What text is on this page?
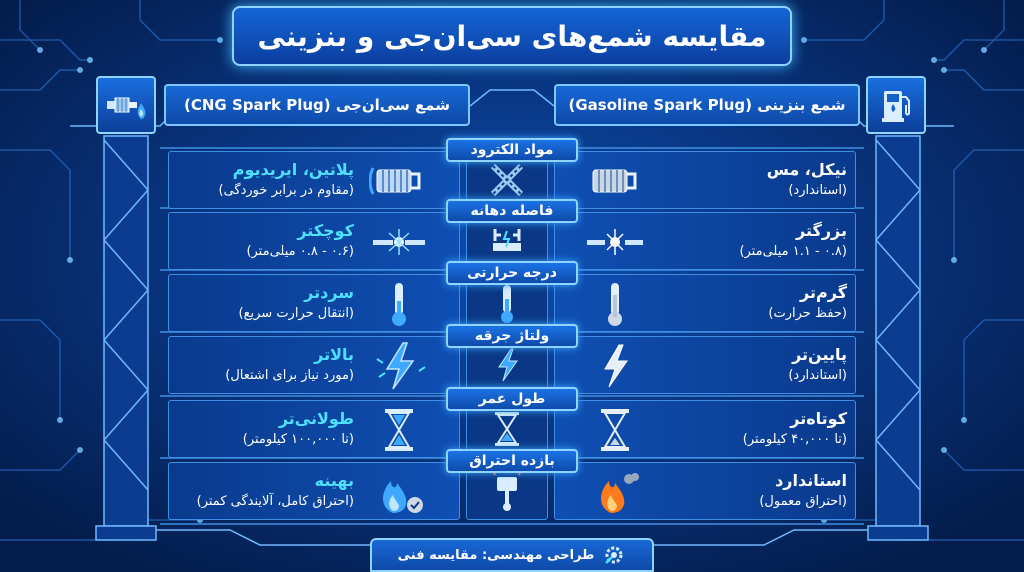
مقایسه شمع‌های سی‌ان‌جی و بنزینی
شمع سی‌ان‌جی (CNG Spark Plug)	شمع بنزینی (Gasoline Spark Plug)
پلاتین، ایریدیوم
(مقاوم در برابر خوردگی)
نیکل، مس
(استاندارد)
کوچکتر
(۰.۶ - ۰.۸ میلی‌متر)
بزرگتر
(۰.۸ - ۱.۱ میلی‌متر)
سردتر
(انتقال حرارت سریع)
گرم‌تر
(حفظ حرارت)
بالاتر
(مورد نیاز برای اشتعال)
پایین‌تر
(استاندارد)
طولانی‌تر
(تا ۱۰۰,۰۰۰ کیلومتر)
کوتاه‌تر
(تا ۴۰,۰۰۰ کیلومتر)
بهینه
(احتراق کامل، آلایندگی کمتر)
استاندارد
(احتراق معمول)
مواد الکترود
فاصله دهانه
درجه حرارتی
ولتاژ جرقه
طول عمر
بازده احتراق
طراحی مهندسی: مقایسه فنی
